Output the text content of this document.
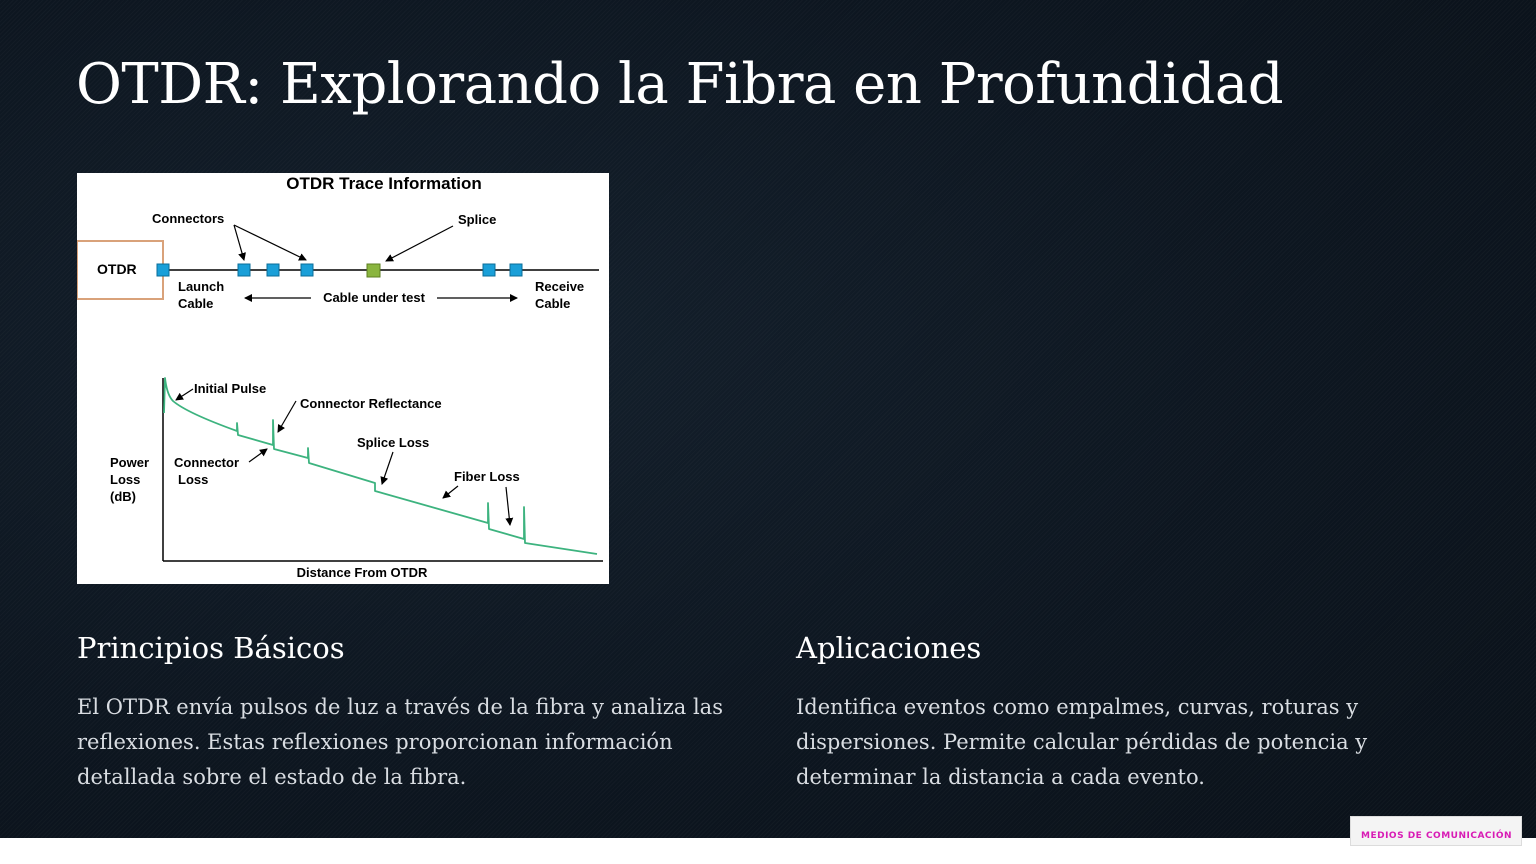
OTDR: Explorando la Fibra en Profundidad
OTDR Trace Information
OTDR
Connectors	Splice
Launch
Cable	Cable under test
Receive
Cable
Distance From OTDR
Power
Loss
(dB)
Initial Pulse
Connector Reflectance
Splice Loss
Connector
Loss	Fiber Loss
Principios Básicos

El OTDR envía pulsos de luz a través de la fibra y analiza las reflexiones. Estas reflexiones proporcionan información detallada sobre el estado de la fibra.

Aplicaciones

Identifica eventos como empalmes, curvas, roturas y dispersiones. Permite calcular pérdidas de potencia y determinar la distancia a cada evento.

MEDIOS DE COMUNICACIÓN
